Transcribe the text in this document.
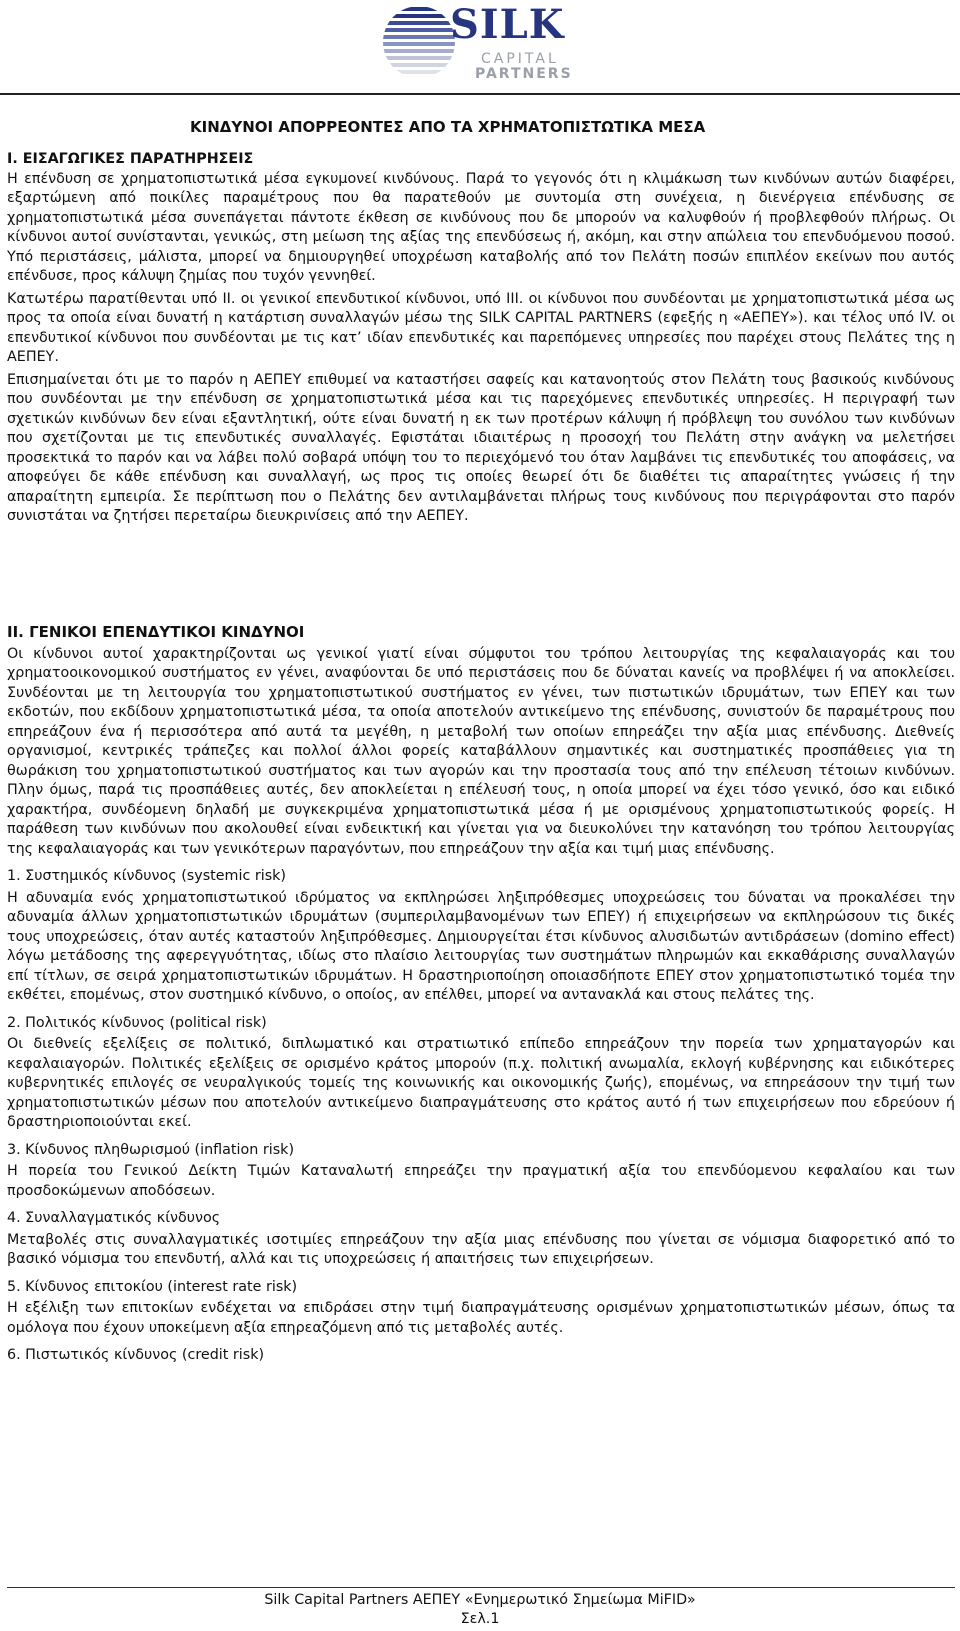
SILK
CAPITAL
PARTNERS
ΚΙΝΔΥΝΟΙ ΑΠΟΡΡΕΟΝΤΕΣ ΑΠΟ ΤΑ ΧΡΗΜΑΤΟΠΙΣΤΩΤΙΚΑ ΜΕΣΑ

Ι. ΕΙΣΑΓΩΓΙΚΕΣ ΠΑΡΑΤΗΡΗΣΕΙΣ

Η επένδυση σε χρηματοπιστωτικά μέσα εγκυμονεί κινδύνους. Παρά το γεγονός ότι η κλιμάκωση των κινδύνων αυτών διαφέρει, εξαρτώμενη από ποικίλες παραμέτρους που θα παρατεθούν με συντομία στη συνέχεια, η διενέργεια επένδυσης σε χρηματοπιστωτικά μέσα συνεπάγεται πάντοτε έκθεση σε κινδύνους που δε μπορούν να καλυφθούν ή προβλεφθούν πλήρως. Οι κίνδυνοι αυτοί συνίστανται, γενικώς, στη μείωση της αξίας της επενδύσεως ή, ακόμη, και στην απώλεια του επενδυόμενου ποσού. Υπό περιστάσεις, μάλιστα, μπορεί να δημιουργηθεί υποχρέωση καταβολής από τον Πελάτη ποσών επιπλέον εκείνων που αυτός επένδυσε, προς κάλυψη ζημίας που τυχόν γεννηθεί.

Κατωτέρω παρατίθενται υπό ΙΙ. οι γενικοί επενδυτικοί κίνδυνοι, υπό ΙΙΙ. οι κίνδυνοι που συνδέονται με χρηματοπιστωτικά μέσα ως προς τα οποία είναι δυνατή η κατάρτιση συναλλαγών μέσω της SILK CAPITAL PARTNERS (εφεξής η «ΑΕΠΕΥ»). και τέλος υπό IV. οι επενδυτικοί κίνδυνοι που συνδέονται με τις κατ’ ιδίαν επενδυτικές και παρεπόμενες υπηρεσίες που παρέχει στους Πελάτες της η ΑΕΠΕΥ.

Επισημαίνεται ότι με το παρόν η ΑΕΠΕΥ επιθυμεί να καταστήσει σαφείς και κατανοητούς στον Πελάτη τους βασικούς κινδύνους που συνδέονται με την επένδυση σε χρηματοπιστωτικά μέσα και τις παρεχόμενες επενδυτικές υπηρεσίες. Η περιγραφή των σχετικών κινδύνων δεν είναι εξαντλητική, ούτε είναι δυνατή η εκ των προτέρων κάλυψη ή πρόβλεψη του συνόλου των κινδύνων που σχετίζονται με τις επενδυτικές συναλλαγές. Εφιστάται ιδιαιτέρως η προσοχή του Πελάτη στην ανάγκη να μελετήσει προσεκτικά το παρόν και να λάβει πολύ σοβαρά υπόψη του το περιεχόμενό του όταν λαμβάνει τις επενδυτικές του αποφάσεις, να αποφεύγει δε κάθε επένδυση και συναλλαγή, ως προς τις οποίες θεωρεί ότι δε διαθέτει τις απαραίτητες γνώσεις ή την απαραίτητη εμπειρία. Σε περίπτωση που ο Πελάτης δεν αντιλαμβάνεται πλήρως τους κινδύνους που περιγράφονται στο παρόν συνιστάται να ζητήσει περεταίρω διευκρινίσεις από την ΑΕΠΕΥ.

ΙΙ. ΓΕΝΙΚΟΙ ΕΠΕΝΔΥΤΙΚΟΙ ΚΙΝΔΥΝΟΙ

Οι κίνδυνοι αυτοί χαρακτηρίζονται ως γενικοί γιατί είναι σύμφυτοι του τρόπου λειτουργίας της κεφαλαιαγοράς και του χρηματοοικονομικού συστήματος εν γένει, αναφύονται δε υπό περιστάσεις που δε δύναται κανείς να προβλέψει ή να αποκλείσει. Συνδέονται με τη λειτουργία του χρηματοπιστωτικού συστήματος εν γένει, των πιστωτικών ιδρυμάτων, των ΕΠΕΥ και των εκδοτών, που εκδίδουν χρηματοπιστωτικά μέσα, τα οποία αποτελούν αντικείμενο της επένδυσης, συνιστούν δε παραμέτρους που επηρεάζουν ένα ή περισσότερα από αυτά τα μεγέθη, η μεταβολή των οποίων επηρεάζει την αξία μιας επένδυσης. Διεθνείς οργανισμοί, κεντρικές τράπεζες και πολλοί άλλοι φορείς καταβάλλουν σημαντικές και συστηματικές προσπάθειες για τη θωράκιση του χρηματοπιστωτικού συστήματος και των αγορών και την προστασία τους από την επέλευση τέτοιων κινδύνων. Πλην όμως, παρά τις προσπάθειες αυτές, δεν αποκλείεται η επέλευσή τους, η οποία μπορεί να έχει τόσο γενικό, όσο και ειδικό χαρακτήρα, συνδέομενη δηλαδή με συγκεκριμένα χρηματοπιστωτικά μέσα ή με ορισμένους χρηματοπιστωτικούς φορείς. Η παράθεση των κινδύνων που ακολουθεί είναι ενδεικτική και γίνεται για να διευκολύνει την κατανόηση του τρόπου λειτουργίας της κεφαλαιαγοράς και των γενικότερων παραγόντων, που επηρεάζουν την αξία και τιμή μιας επένδυσης.

1. Συστημικός κίνδυνος (systemic risk)

Η αδυναμία ενός χρηματοπιστωτικού ιδρύματος να εκπληρώσει ληξιπρόθεσμες υποχρεώσεις του δύναται να προκαλέσει την αδυναμία άλλων χρηματοπιστωτικών ιδρυμάτων (συμπεριλαμβανομένων των ΕΠΕΥ) ή επιχειρήσεων να εκπληρώσουν τις δικές τους υποχρεώσεις, όταν αυτές καταστούν ληξιπρόθεσμες. Δημιουργείται έτσι κίνδυνος αλυσιδωτών αντιδράσεων (domino effect) λόγω μετάδοσης της αφερεγγυότητας, ιδίως στο πλαίσιο λειτουργίας των συστημάτων πληρωμών και εκκαθάρισης συναλλαγών επί τίτλων, σε σειρά χρηματοπιστωτικών ιδρυμάτων. Η δραστηριοποίηση οποιασδήποτε ΕΠΕΥ στον χρηματοπιστωτικό τομέα την εκθέτει, επομένως, στον συστημικό κίνδυνο, ο οποίος, αν επέλθει, μπορεί να αντανακλά και στους πελάτες της.

2. Πολιτικός κίνδυνος (political risk)

Οι διεθνείς εξελίξεις σε πολιτικό, διπλωματικό και στρατιωτικό επίπεδο επηρεάζουν την πορεία των χρηματαγορών και κεφαλαιαγορών. Πολιτικές εξελίξεις σε ορισμένο κράτος μπορούν (π.χ. πολιτική ανωμαλία, εκλογή κυβέρνησης και ειδικότερες κυβερνητικές επιλογές σε νευραλγικούς τομείς της κοινωνικής και οικονομικής ζωής), επομένως, να επηρεάσουν την τιμή των χρηματοπιστωτικών μέσων που αποτελούν αντικείμενο διαπραγμάτευσης στο κράτος αυτό ή των επιχειρήσεων που εδρεύουν ή δραστηριοποιούνται εκεί.

3. Κίνδυνος πληθωρισμού (inflation risk)

Η πορεία του Γενικού Δείκτη Τιμών Καταναλωτή επηρεάζει την πραγματική αξία του επενδύομενου κεφαλαίου και των προσδοκώμενων αποδόσεων.

4. Συναλλαγματικός κίνδυνος

Μεταβολές στις συναλλαγματικές ισοτιμίες επηρεάζουν την αξία μιας επένδυσης που γίνεται σε νόμισμα διαφορετικό από το βασικό νόμισμα του επενδυτή, αλλά και τις υποχρεώσεις ή απαιτήσεις των επιχειρήσεων.

5. Κίνδυνος επιτοκίου (interest rate risk)

Η εξέλιξη των επιτοκίων ενδέχεται να επιδράσει στην τιμή διαπραγμάτευσης ορισμένων χρηματοπιστωτικών μέσων, όπως τα ομόλογα που έχουν υποκείμενη αξία επηρεαζόμενη από τις μεταβολές αυτές.

6. Πιστωτικός κίνδυνος (credit risk)

Silk Capital Partners ΑΕΠΕΥ «Ενημερωτικό Σημείωμα MiFID»
Σελ.1
